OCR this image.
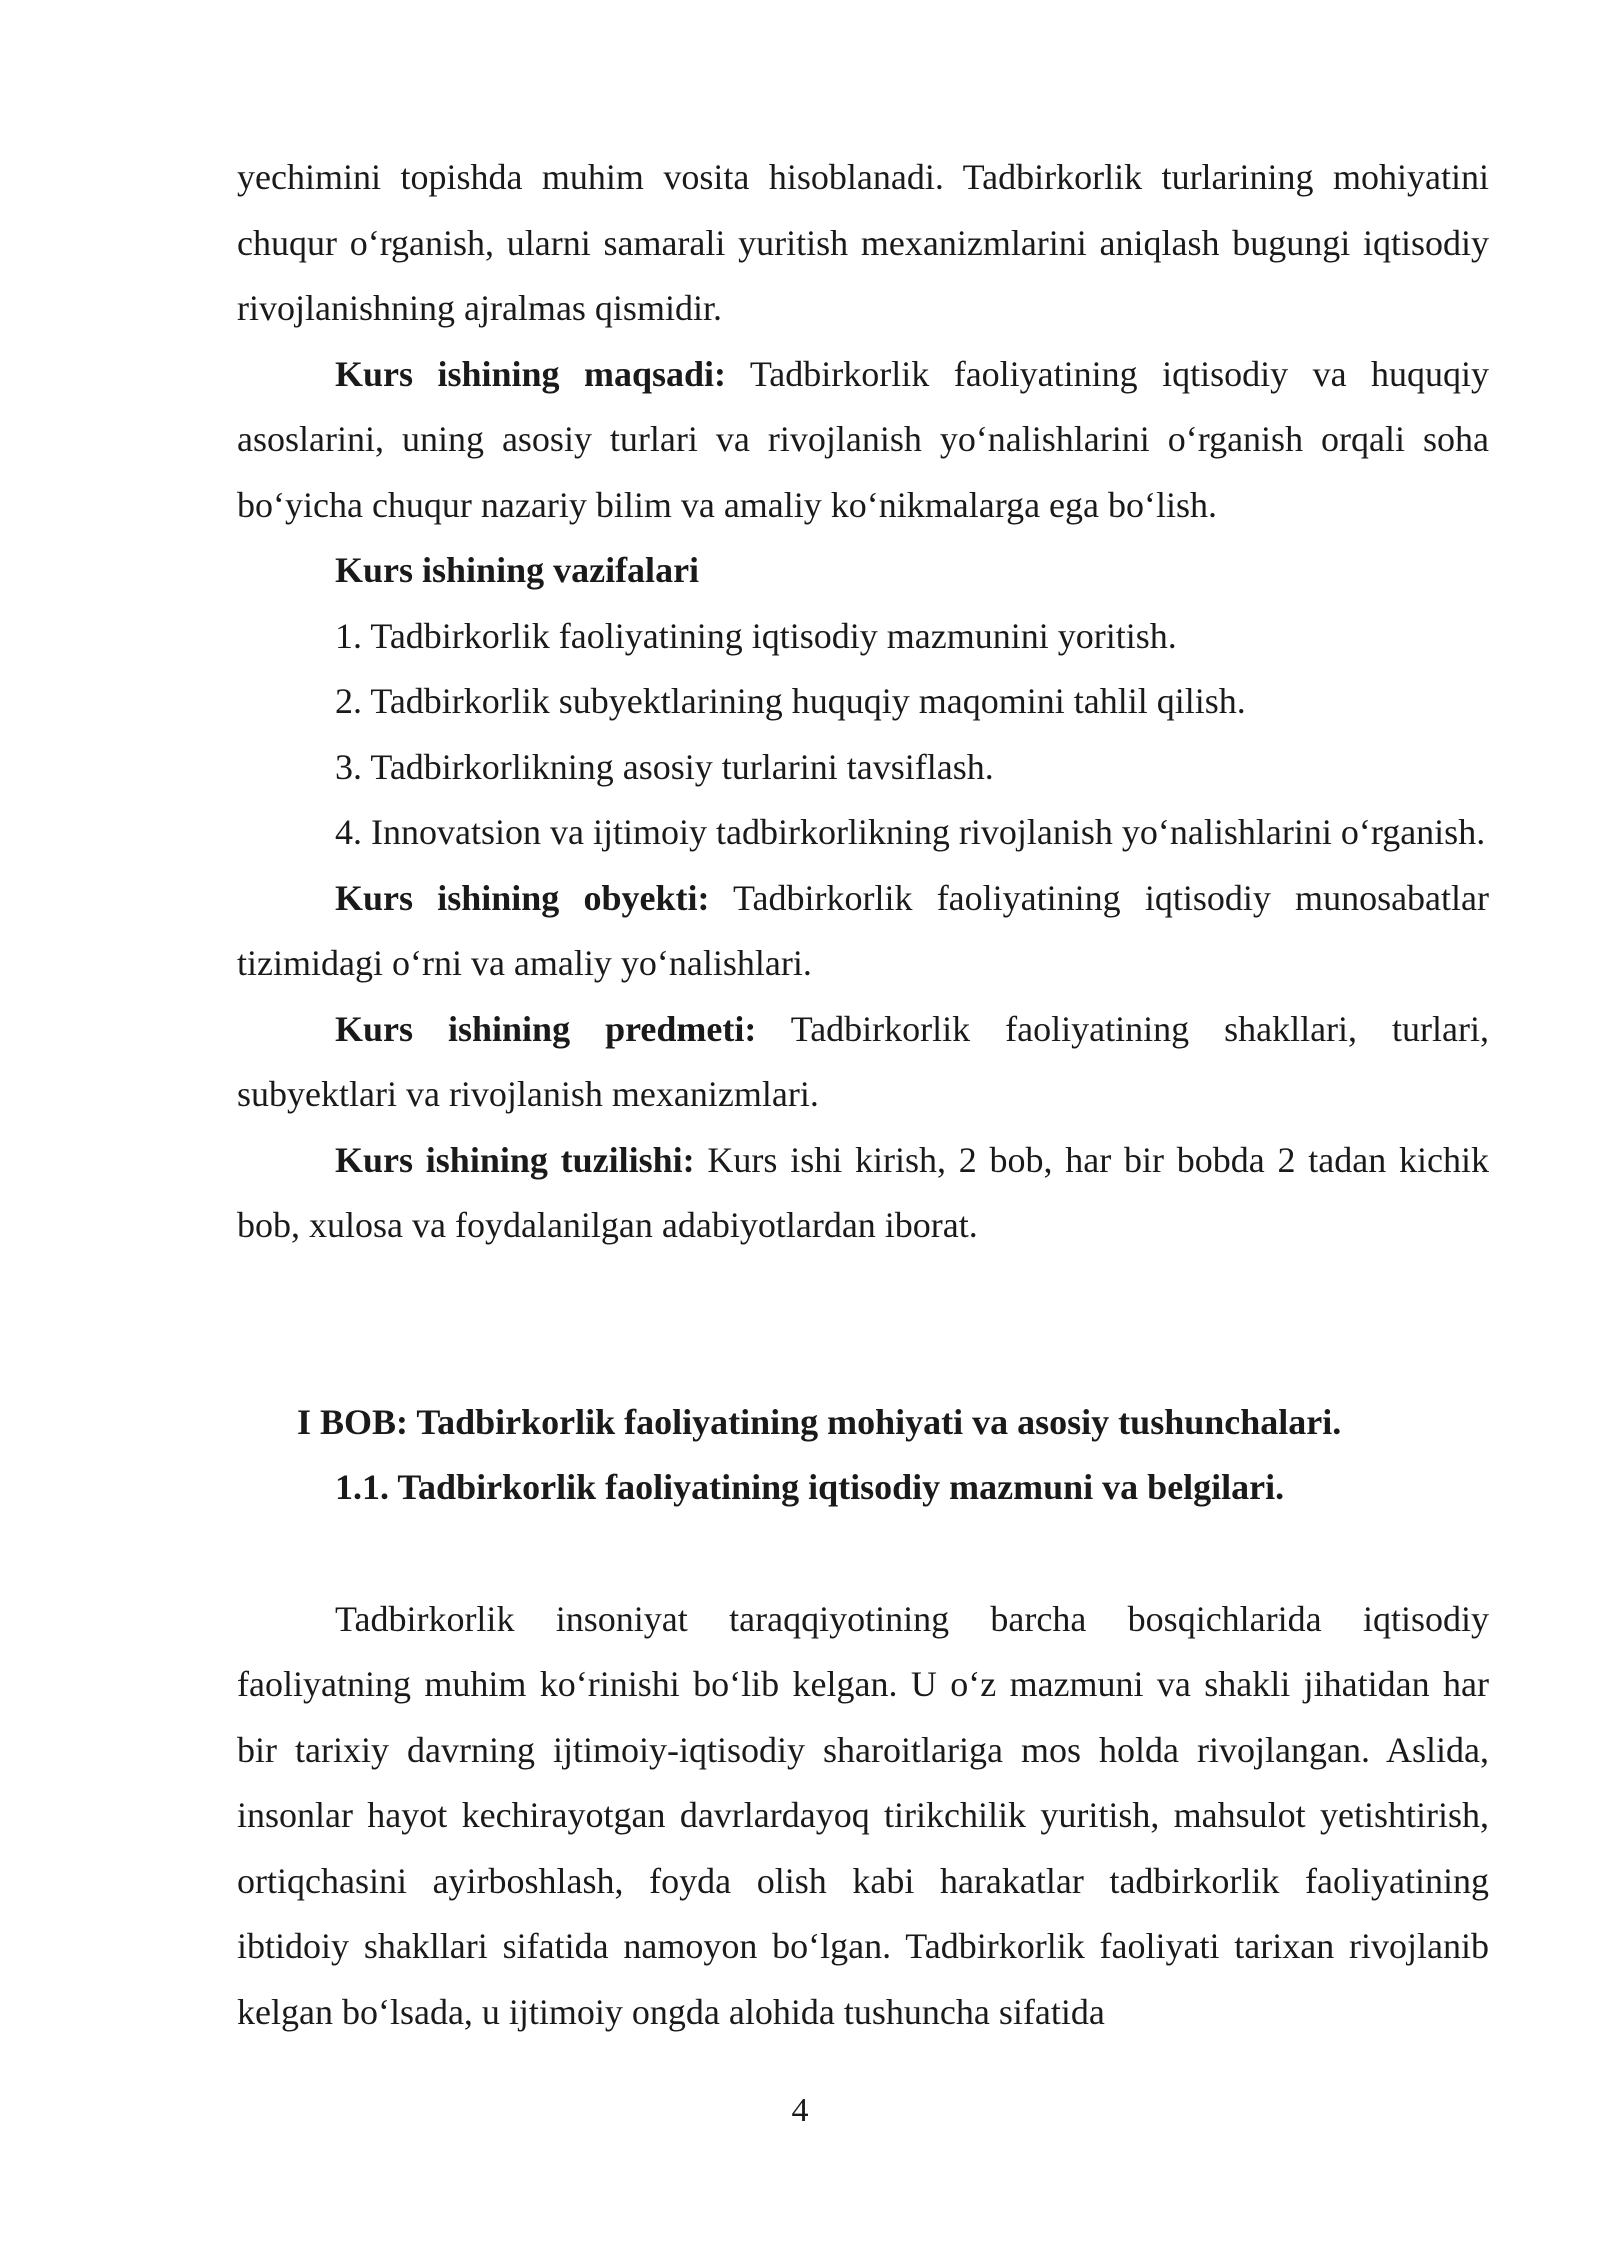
yechimini topishda muhim vosita hisoblanadi. Tadbirkorlik turlarining mohiyatini chuqur o‘rganish, ularni samarali yuritish mexanizmlarini aniqlash bugungi iqtisodiy rivojlanishning ajralmas qismidir.

Kurs ishining maqsadi: Tadbirkorlik faoliyatining iqtisodiy va huquqiy asoslarini, uning asosiy turlari va rivojlanish yo‘nalishlarini o‘rganish orqali soha bo‘yicha chuqur nazariy bilim va amaliy ko‘nikmalarga ega bo‘lish.

Kurs ishining vazifalari

1. Tadbirkorlik faoliyatining iqtisodiy mazmunini yoritish.

2. Tadbirkorlik subyektlarining huquqiy maqomini tahlil qilish.

3. Tadbirkorlikning asosiy turlarini tavsiflash.

4. Innovatsion va ijtimoiy tadbirkorlikning rivojlanish yo‘nalishlarini o‘rganish.

Kurs ishining obyekti: Tadbirkorlik faoliyatining iqtisodiy munosabatlar tizimidagi o‘rni va amaliy yo‘nalishlari.

Kurs ishining predmeti: Tadbirkorlik faoliyatining shakllari, turlari, subyektlari va rivojlanish mexanizmlari.

Kurs ishining tuzilishi: Kurs ishi kirish, 2 bob, har bir bobda 2 tadan kichik bob, xulosa va foydalanilgan adabiyotlardan iborat.

I BOB: Tadbirkorlik faoliyatining mohiyati va asosiy tushunchalari.

1.1. Tadbirkorlik faoliyatining iqtisodiy mazmuni va belgilari.

Tadbirkorlik insoniyat taraqqiyotining barcha bosqichlarida iqtisodiy faoliyatning muhim ko‘rinishi bo‘lib kelgan. U o‘z mazmuni va shakli jihatidan har bir tarixiy davrning ijtimoiy-iqtisodiy sharoitlariga mos holda rivojlangan. Aslida, insonlar hayot kechirayotgan davrlardayoq tirikchilik yuritish, mahsulot yetishtirish, ortiqchasini ayirboshlash, foyda olish kabi harakatlar tadbirkorlik faoliyatining ibtidoiy shakllari sifatida namoyon bo‘lgan. Tadbirkorlik faoliyati tarixan rivojlanib kelgan bo‘lsada, u ijtimoiy ongda alohida tushuncha sifatida

4
